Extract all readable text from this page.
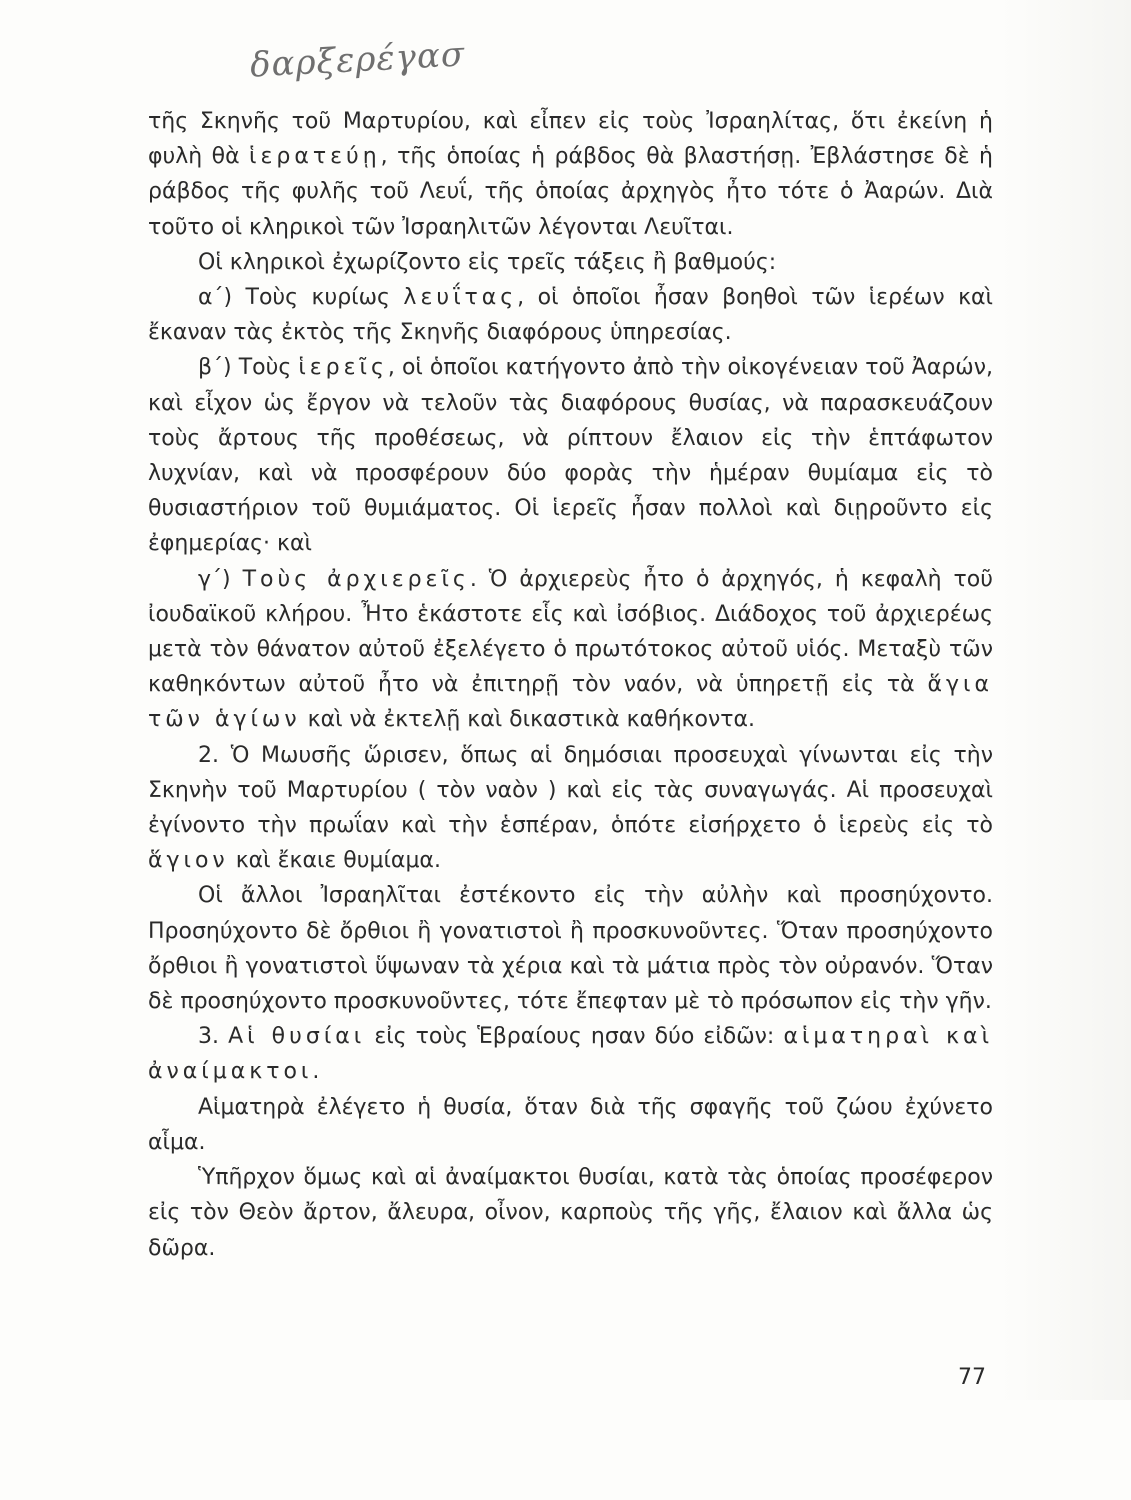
δαρξερέγασ

τῆς Σκηνῆς τοῦ Μαρτυρίου, καὶ εἶπεν εἰς τοὺς Ἰσραηλίτας, ὅτι ἐκείνη ἡ φυλὴ θὰ ἱερατεύῃ, τῆς ὁποίας ἡ ράβδος θὰ βλαστήσῃ. Ἐβλάστησε δὲ ἡ ράβδος τῆς φυλῆς τοῦ Λευΐ, τῆς ὁποίας ἀρχηγὸς ἦτο τότε ὁ Ἀαρών. Διὰ τοῦτο οἱ κληρικοὶ τῶν Ἰσραηλιτῶν λέγονται Λευῖται.

Οἱ κληρικοὶ ἐχωρίζοντο εἰς τρεῖς τάξεις ἢ βαθμούς:

α΄) Τοὺς κυρίως λευΐτας, οἱ ὁποῖοι ἦσαν βοηθοὶ τῶν ἱερέων καὶ ἔκαναν τὰς ἐκτὸς τῆς Σκηνῆς διαφόρους ὑπηρεσίας.

β΄) Τοὺς ἱερεῖς, οἱ ὁποῖοι κατήγοντο ἀπὸ τὴν οἰκογένειαν τοῦ Ἀαρών, καὶ εἶχον ὡς ἔργον νὰ τελοῦν τὰς διαφόρους θυσίας, νὰ παρασκευάζουν τοὺς ἄρτους τῆς προθέσεως, νὰ ρίπτουν ἔλαιον εἰς τὴν ἑπτάφωτον λυχνίαν, καὶ νὰ προσφέρουν δύο φορὰς τὴν ἡμέραν θυμίαμα εἰς τὸ θυσιαστήριον τοῦ θυμιάματος. Οἱ ἱερεῖς ἦσαν πολλοὶ καὶ διῃροῦντο εἰς ἐφημερίας· καὶ

γ΄) Τοὺς ἀρχιερεῖς. Ὁ ἀρχιερεὺς ἦτο ὁ ἀρχηγός, ἡ κεφαλὴ τοῦ ἰουδαϊκοῦ κλήρου. Ἦτο ἑκάστοτε εἷς καὶ ἰσόβιος. Διάδοχος τοῦ ἀρχιερέως μετὰ τὸν θάνατον αὐτοῦ ἐξελέγετο ὁ πρωτότοκος αὐτοῦ υἱός. Μεταξὺ τῶν καθηκόντων αὐτοῦ ἦτο νὰ ἐπιτηρῇ τὸν ναόν, νὰ ὑπηρετῇ εἰς τὰ ἅγια τῶν ἁγίων καὶ νὰ ἐκτελῇ καὶ δικαστικὰ καθήκοντα.

2. Ὁ Μωυσῆς ὥρισεν, ὅπως αἱ δημόσιαι προσευχαὶ γίνωνται εἰς τὴν Σκηνὴν τοῦ Μαρτυρίου ( τὸν ναὸν ) καὶ εἰς τὰς συναγωγάς. Αἱ προσευχαὶ ἐγίνοντο τὴν πρωΐαν καὶ τὴν ἑσπέραν, ὁπότε εἰσήρχετο ὁ ἱερεὺς εἰς τὸ ἅγιον καὶ ἔκαιε θυμίαμα.

Οἱ ἄλλοι Ἰσραηλῖται ἐστέκοντο εἰς τὴν αὐλὴν καὶ προσηύχοντο. Προσηύχοντο δὲ ὄρθιοι ἢ γονατιστοὶ ἢ προσκυνοῦντες. Ὅταν προσηύχοντο ὄρθιοι ἢ γονατιστοὶ ὕψωναν τὰ χέρια καὶ τὰ μάτια πρὸς τὸν οὐρανόν. Ὅταν δὲ προσηύχοντο προσκυνοῦντες, τότε ἔπεφταν μὲ τὸ πρόσωπον εἰς τὴν γῆν.

3. Αἱ θυσίαι εἰς τοὺς Ἑβραίους ησαν δύο εἰδῶν: αἱματηραὶ καὶ ἀναίμακτοι.

Αἱματηρὰ ἐλέγετο ἡ θυσία, ὅταν διὰ τῆς σφαγῆς τοῦ ζώου ἐχύνετο αἷμα.

Ὑπῆρχον ὅμως καὶ αἱ ἀναίμακτοι θυσίαι, κατὰ τὰς ὁποίας προσέφερον εἰς τὸν Θεὸν ἄρτον, ἄλευρα, οἶνον, καρποὺς τῆς γῆς, ἔλαιον καὶ ἄλλα ὡς δῶρα.

77
